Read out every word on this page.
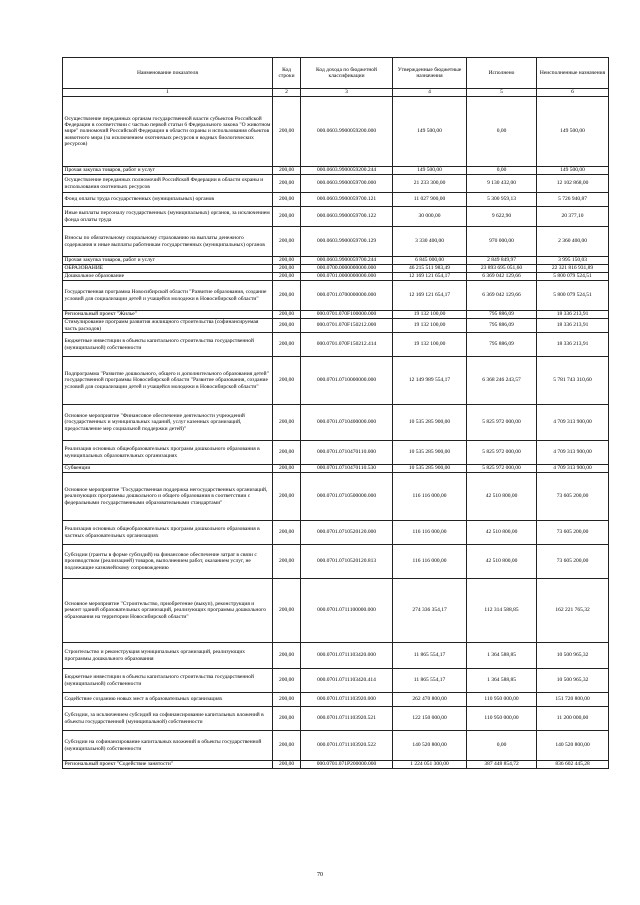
Наименование показателя	Код строки	Код дохода по бюджетной классификации	Утвержденные бюджетные назначения	Исполнено	Неисполненные назначения
1	2	3	4	5	6
Осуществление переданных органам государственной власти субъектов Российской Федерации в соответствии с частью первой статьи 6 Федерального закона "О животном мире" полномочий Российской Федерации в области охраны и использования объектов животного мира (за исключением охотничьих ресурсов и водных биологических ресурсов)	200,00	000.0603.9900059200.000	149 500,00	0,00	149 500,00
Прочая закупка товаров, работ и услуг	200,00	000.0603.9900059200.244	149 500,00	0,00	149 500,00
Осуществление переданных полномочий Российской Федерации в области охраны и использования охотничьих ресурсов	200,00	000.0603.9900059700.000	21 233 300,00	9 130 432,00	12 102 868,00
Фонд оплаты труда государственных (муниципальных) органов	200,00	000.0603.9900059700.121	11 027 900,00	5 300 959,13	5 726 940,87
Иные выплаты персоналу государственных (муниципальных) органов, за исключением фонда оплаты труда	200,00	000.0603.9900059700.122	30 000,00	9 622,90	20 377,10
Взносы по обязательному социальному страхованию на выплаты денежного содержания и иные выплаты работникам государственных (муниципальных) органов	200,00	000.0603.9900059700.129	3 330 400,00	970 000,00	2 360 400,00
Прочая закупка товаров, работ и услуг	200,00	000.0603.9900059700.244	6 845 000,00	2 849 849,97	3 995 150,03
ОБРАЗОВАНИЕ	200,00	000.0700.0000000000.000	46 215 511 983,49	23 893 695 051,60	22 321 816 931,89
Дошкольное образование	200,00	000.0701.0000000000.000	12 169 121 654,17	6 369 042 129,66	5 800 079 524,51
Государственная программа Новосибирской области "Развитие образования, создание условий для социализации детей и учащейся молодежи в Новосибирской области"	200,00	000.0701.0700000000.000	12 169 121 654,17	6 369 042 129,66	5 800 079 524,51
Региональный проект "Жилье"	200,00	000.0701.070F100000.000	19 132 100,00	795 886,09	18 336 213,91
Стимулирование программ развития жилищного строительства (софинансируемая часть расходов)	200,00	000.0701.070F150212.000	19 132 100,00	795 886,09	18 336 213,91
Бюджетные инвестиции в объекты капитального строительства государственной (муниципальной) собственности	200,00	000.0701.070F150212.414	19 132 100,00	795 886,09	18 336 213,91
Подпрограмма "Развитие дошкольного, общего и дополнительного образования детей" государственной программы Новосибирской области "Развитие образования, создание условий для социализации детей и учащейся молодежи в Новосибирской области"	200,00	000.0701.0710000000.000	12 149 989 554,17	6 368 246 243,57	5 781 743 310,60
Основное мероприятие "Финансовое обеспечение деятельности учреждений (государственных и муниципальных заданий, услуг казенных организаций, предоставление мер социальной поддержки детей)"	200,00	000.0701.0710400000.000	10 535 285 900,00	5 825 972 000,00	4 709 313 900,00
Реализация основных общеобразовательных программ дошкольного образования в муниципальных образовательных организациях	200,00	000.0701.0710470110.000	10 535 285 900,00	5 825 972 000,00	4 709 313 900,00
Субвенции	200,00	000.0701.0710470110.530	10 535 285 900,00	5 825 972 000,00	4 709 313 900,00
Основное мероприятие "Государственная поддержка негосударственных организаций, реализующих программы дошкольного и общего образования в соответствии с федеральными государственными образовательными стандартами"	200,00	000.0701.0710500000.000	116 116 000,00	42 510 800,00	73 605 200,00
Реализация основных общеобразовательных программ дошкольного образования в частных образовательных организациях	200,00	000.0701.0710520120.000	116 116 000,00	42 510 800,00	73 605 200,00
Субсидии (гранты в форме субсидий) на финансовое обеспечение затрат в связи с производством (реализацией) товаров, выполнением работ, оказанием услуг, не подлежащие казначейскому сопровождению	200,00	000.0701.0710520120.813	116 116 000,00	42 510 800,00	73 605 200,00
Основное мероприятие "Строительство, приобретение (выкуп), реконструкция и ремонт зданий образовательных организаций, реализующих программы дошкольного образования на территории Новосибирской области"	200,00	000.0701.0711100000.000	274 336 354,17	112 314 588,85	162 221 765,32
Строительство и реконструкция муниципальных организаций, реализующих программы дошкольного образования	200,00	000.0701.0711103420.000	11 865 554,17	1 364 588,85	10 500 965,32
Бюджетные инвестиции в объекты капитального строительства государственной (муниципальной) собственности	200,00	000.0701.0711103420.414	11 865 554,17	1 364 588,85	10 500 965,32
Содействие созданию новых мест в образовательных организациях	200,00	000.0701.0711103920.000	262 470 800,00	110 950 000,00	151 720 800,00
Субсидии, за исключением субсидий на софинансирование капитальных вложений в объекты государственной (муниципальной) собственности	200,00	000.0701.0711103920.521	122 150 000,00	110 950 000,00	11 200 000,00
Субсидии на софинансирование капитальных вложений в объекты государственной (муниципальной) собственности	200,00	000.0701.0711103920.522	140 520 800,00	0,00	140 520 800,00
Региональный проект "Содействие занятости"	200,00	000.0701.071P200000.000	1 224 051 300,00	387 448 854,72	836 602 445,28
70
